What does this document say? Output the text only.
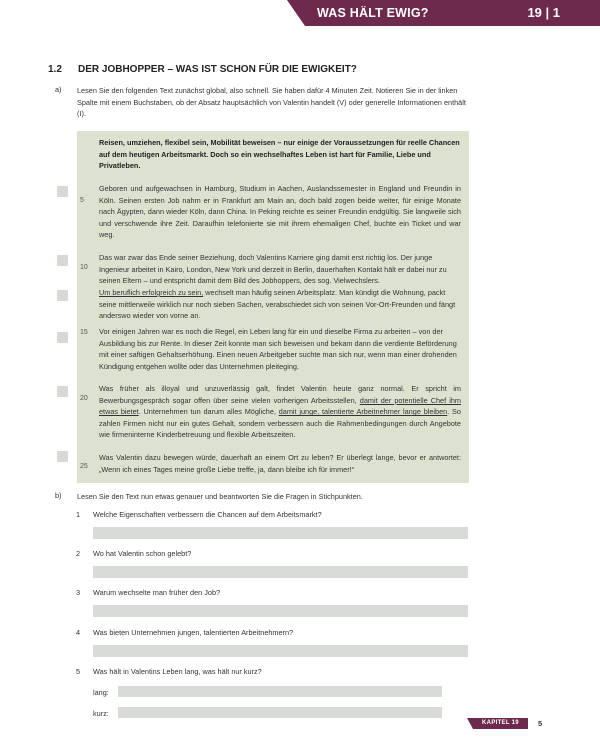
WAS HÄLT EWIG?	19 | 1
1.2 DER JOBHOPPER – WAS IST SCHON FÜR DIE EWIGKEIT?
a) Lesen Sie den folgenden Text zunächst global, also schnell. Sie haben dafür 4 Minuten Zeit. Notieren Sie in der linken Spalte mit einem Buchstaben, ob der Absatz hauptsächlich von Valentin handelt (V) oder generelle Informationen enthält (I).
Reisen, umziehen, flexibel sein, Mobilität beweisen – nur einige der Voraussetzungen für reelle Chancen auf dem heutigen Arbeitsmarkt. Doch so ein wechselhaftes Leben ist hart für Familie, Liebe und Privatleben.
Geboren und aufgewachsen in Hamburg, Studium in Aachen, Auslandssemester in England und Freundin in Köln. Seinen ersten Job nahm er in Frankfurt am Main an, doch bald zogen beide weiter, für einige Monate nach Ägypten, dann wieder Köln, dann China. In Peking reichte es seiner Freundin endgültig. Sie langweile sich und verschwende ihre Zeit. Daraufhin telefonierte sie mit ihrem ehemaligen Chef, buchte ein Ticket und war weg.
Das war zwar das Ende seiner Beziehung, doch Valentins Karriere ging damit erst richtig los. Der junge Ingenieur arbeitet in Kairo, London, New York und derzeit in Berlin, dauerhaften Kontakt hält er dabei nur zu seinen Eltern – und entspricht damit dem Bild des Jobhoppers, des sog. Vielwechslers.
Um beruflich erfolgreich zu sein, wechselt man häufig seinen Arbeitsplatz. Man kündigt die Wohnung, packt seine mittlerweile wirklich nur noch sieben Sachen, verabschiedet sich von seinen Vor-Ort-Freunden und fängt anderswo wieder von vorne an.
Vor einigen Jahren war es noch die Regel, ein Leben lang für ein und dieselbe Firma zu arbeiten – von der Ausbildung bis zur Rente. In dieser Zeit konnte man sich beweisen und bekam dann die verdiente Beförderung mit einer saftigen Gehaltserhöhung. Einen neuen Arbeitgeber suchte man sich nur, wenn man einer drohenden Kündigung entgehen wollte oder das Unternehmen pleiteging.
Was früher als illoyal und unzuverlässig galt, findet Valentin heute ganz normal. Er spricht im Bewerbungsgespräch sogar offen über seine vielen vorherigen Arbeitsstellen, damit der potentielle Chef ihm etwas bietet. Unternehmen tun darum alles Mögliche, damit junge, talentierte Arbeitnehmer lange bleiben. So zahlen Firmen nicht nur ein gutes Gehalt, sondern verbessern auch die Rahmenbedingungen durch Angebote wie firmeninterne Kinderbetreuung und flexible Arbeitszeiten.
Was Valentin dazu bewegen würde, dauerhaft an einem Ort zu leben? Er überlegt lange, bevor er antwortet: „Wenn ich eines Tages meine große Liebe treffe, ja, dann bleibe ich für immer!“
5
10
15
20
25
b) Lesen Sie den Text nun etwas genauer und beantworten Sie die Fragen in Stichpunkten.
1 Welche Eigenschaften verbessern die Chancen auf dem Arbeitsmarkt?
2 Wo hat Valentin schon gelebt?
3 Warum wechselte man früher den Job?
4 Was bieten Unternehmen jungen, talentierten Arbeitnehmern?
5 Was hält in Valentins Leben lang, was hält nur kurz?
lang:
kurz:
KAPITEL 19	5
